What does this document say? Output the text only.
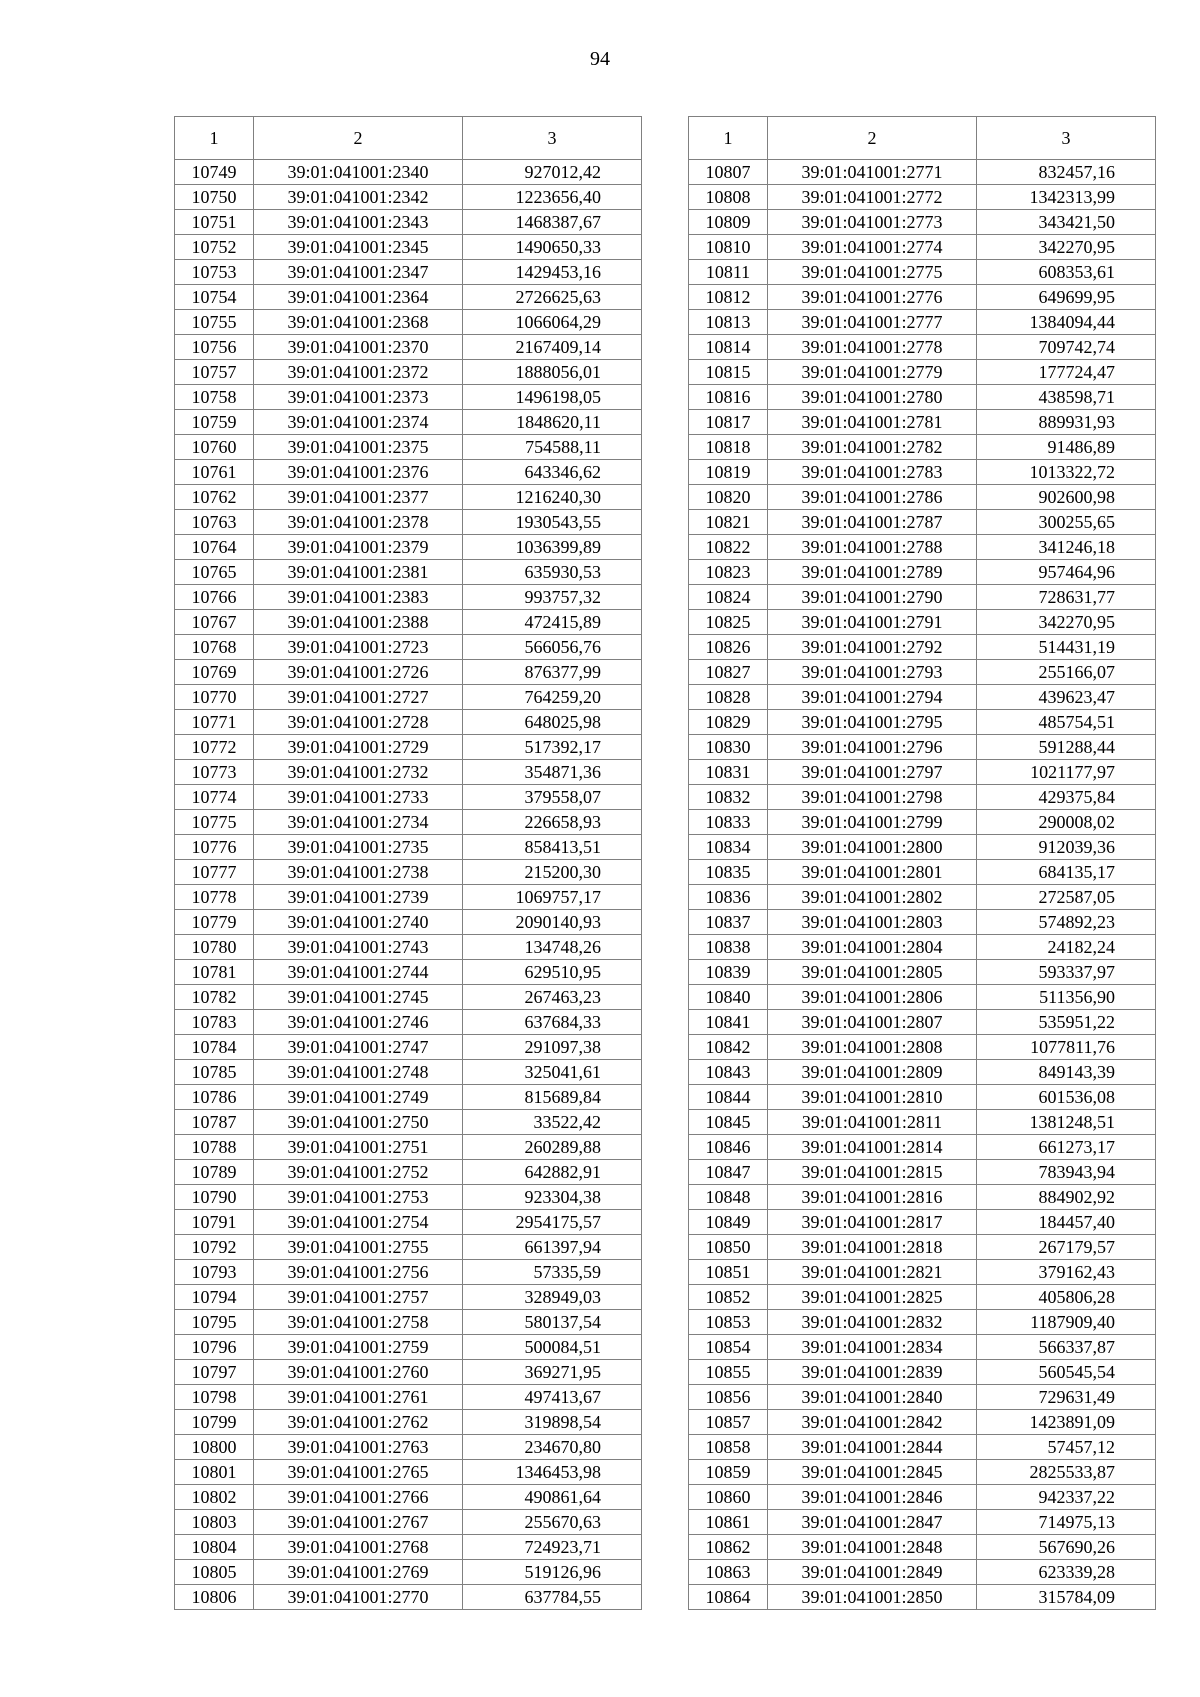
94
1	2	3
10749	39:01:041001:2340	927012,42
10750	39:01:041001:2342	1223656,40
10751	39:01:041001:2343	1468387,67
10752	39:01:041001:2345	1490650,33
10753	39:01:041001:2347	1429453,16
10754	39:01:041001:2364	2726625,63
10755	39:01:041001:2368	1066064,29
10756	39:01:041001:2370	2167409,14
10757	39:01:041001:2372	1888056,01
10758	39:01:041001:2373	1496198,05
10759	39:01:041001:2374	1848620,11
10760	39:01:041001:2375	754588,11
10761	39:01:041001:2376	643346,62
10762	39:01:041001:2377	1216240,30
10763	39:01:041001:2378	1930543,55
10764	39:01:041001:2379	1036399,89
10765	39:01:041001:2381	635930,53
10766	39:01:041001:2383	993757,32
10767	39:01:041001:2388	472415,89
10768	39:01:041001:2723	566056,76
10769	39:01:041001:2726	876377,99
10770	39:01:041001:2727	764259,20
10771	39:01:041001:2728	648025,98
10772	39:01:041001:2729	517392,17
10773	39:01:041001:2732	354871,36
10774	39:01:041001:2733	379558,07
10775	39:01:041001:2734	226658,93
10776	39:01:041001:2735	858413,51
10777	39:01:041001:2738	215200,30
10778	39:01:041001:2739	1069757,17
10779	39:01:041001:2740	2090140,93
10780	39:01:041001:2743	134748,26
10781	39:01:041001:2744	629510,95
10782	39:01:041001:2745	267463,23
10783	39:01:041001:2746	637684,33
10784	39:01:041001:2747	291097,38
10785	39:01:041001:2748	325041,61
10786	39:01:041001:2749	815689,84
10787	39:01:041001:2750	33522,42
10788	39:01:041001:2751	260289,88
10789	39:01:041001:2752	642882,91
10790	39:01:041001:2753	923304,38
10791	39:01:041001:2754	2954175,57
10792	39:01:041001:2755	661397,94
10793	39:01:041001:2756	57335,59
10794	39:01:041001:2757	328949,03
10795	39:01:041001:2758	580137,54
10796	39:01:041001:2759	500084,51
10797	39:01:041001:2760	369271,95
10798	39:01:041001:2761	497413,67
10799	39:01:041001:2762	319898,54
10800	39:01:041001:2763	234670,80
10801	39:01:041001:2765	1346453,98
10802	39:01:041001:2766	490861,64
10803	39:01:041001:2767	255670,63
10804	39:01:041001:2768	724923,71
10805	39:01:041001:2769	519126,96
10806	39:01:041001:2770	637784,55
1	2	3
10807	39:01:041001:2771	832457,16
10808	39:01:041001:2772	1342313,99
10809	39:01:041001:2773	343421,50
10810	39:01:041001:2774	342270,95
10811	39:01:041001:2775	608353,61
10812	39:01:041001:2776	649699,95
10813	39:01:041001:2777	1384094,44
10814	39:01:041001:2778	709742,74
10815	39:01:041001:2779	177724,47
10816	39:01:041001:2780	438598,71
10817	39:01:041001:2781	889931,93
10818	39:01:041001:2782	91486,89
10819	39:01:041001:2783	1013322,72
10820	39:01:041001:2786	902600,98
10821	39:01:041001:2787	300255,65
10822	39:01:041001:2788	341246,18
10823	39:01:041001:2789	957464,96
10824	39:01:041001:2790	728631,77
10825	39:01:041001:2791	342270,95
10826	39:01:041001:2792	514431,19
10827	39:01:041001:2793	255166,07
10828	39:01:041001:2794	439623,47
10829	39:01:041001:2795	485754,51
10830	39:01:041001:2796	591288,44
10831	39:01:041001:2797	1021177,97
10832	39:01:041001:2798	429375,84
10833	39:01:041001:2799	290008,02
10834	39:01:041001:2800	912039,36
10835	39:01:041001:2801	684135,17
10836	39:01:041001:2802	272587,05
10837	39:01:041001:2803	574892,23
10838	39:01:041001:2804	24182,24
10839	39:01:041001:2805	593337,97
10840	39:01:041001:2806	511356,90
10841	39:01:041001:2807	535951,22
10842	39:01:041001:2808	1077811,76
10843	39:01:041001:2809	849143,39
10844	39:01:041001:2810	601536,08
10845	39:01:041001:2811	1381248,51
10846	39:01:041001:2814	661273,17
10847	39:01:041001:2815	783943,94
10848	39:01:041001:2816	884902,92
10849	39:01:041001:2817	184457,40
10850	39:01:041001:2818	267179,57
10851	39:01:041001:2821	379162,43
10852	39:01:041001:2825	405806,28
10853	39:01:041001:2832	1187909,40
10854	39:01:041001:2834	566337,87
10855	39:01:041001:2839	560545,54
10856	39:01:041001:2840	729631,49
10857	39:01:041001:2842	1423891,09
10858	39:01:041001:2844	57457,12
10859	39:01:041001:2845	2825533,87
10860	39:01:041001:2846	942337,22
10861	39:01:041001:2847	714975,13
10862	39:01:041001:2848	567690,26
10863	39:01:041001:2849	623339,28
10864	39:01:041001:2850	315784,09
